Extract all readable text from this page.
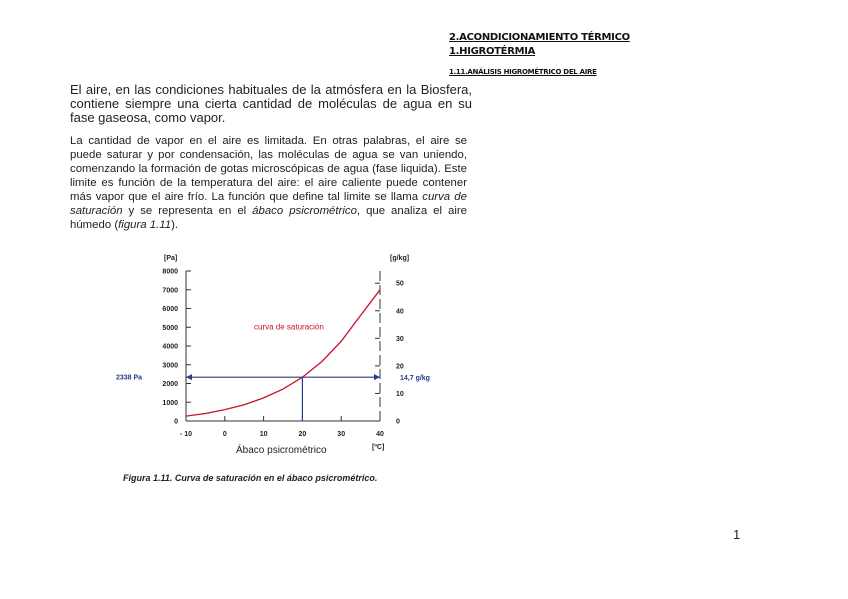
2.ACONDICIONAMIENTO TÉRMICO
1.HIGROTÉRMIA
1.11.ANÁLISIS HIGROMÉTRICO DEL AIRE
El aire, en las condiciones habituales de la atmósfera en la Biosfera, contiene siempre una cierta cantidad de moléculas de agua en su fase gaseosa, como vapor.
La cantidad de vapor en el aire es limitada. En otras palabras, el aire se puede saturar y por condensación, las moléculas de agua se van uniendo, comenzando la formación de gotas microscópicas de agua (fase liquida). Este limite es función de la temperatura del aire: el aire caliente puede contener más vapor que el aire frío. La función que define tal limite se llama curva de saturación y se representa en el ábaco psicrométrico, que analiza el aire húmedo (figura 1.11).
8000
7000
6000
5000
4000
3000
2000
1000
0
50
40
30
20
10
0
- 10	0	10	20	30	40
curva de saturación
[Pa]	[g/kg]
[ºC]
Ábaco psicrométrico
2338 Pa	14,7 g/kg
Figura 1.11. Curva de saturación en el ábaco psicrométrico.
1
